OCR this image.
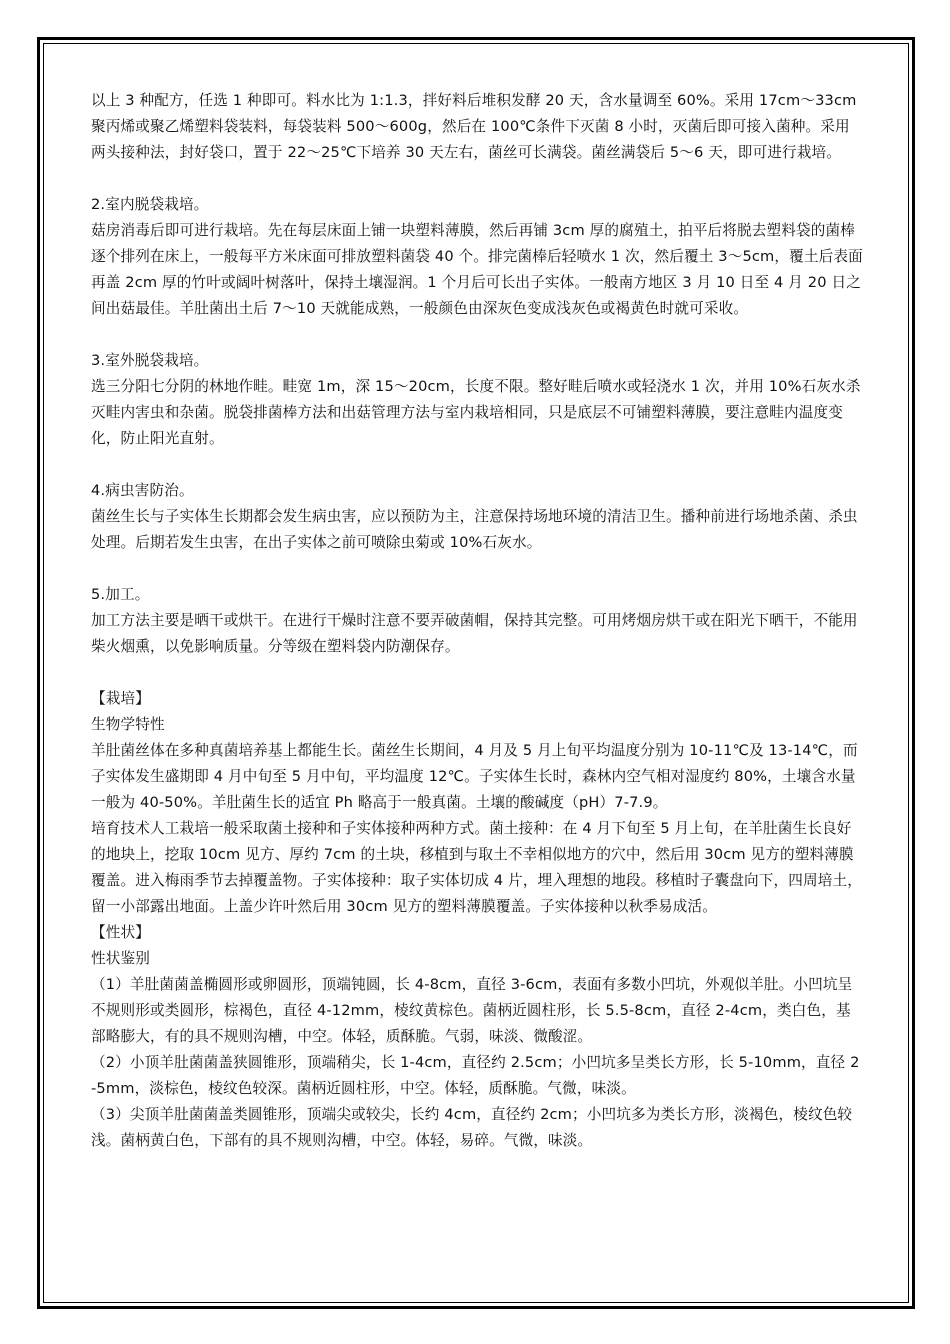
以上 3 种配方，任选 1 种即可。料水比为 1:1.3，拌好料后堆积发酵 20 天，含水量调至 60%。采用 17cm～33cm 聚丙烯或聚乙烯塑料袋装料，每袋装料 500～600g，然后在 100℃条件下灭菌 8 小时，灭菌后即可接入菌种。采用两头接种法，封好袋口，置于 22～25℃下培养 30 天左右，菌丝可长满袋。菌丝满袋后 5～6 天，即可进行栽培。

2.室内脱袋栽培。

菇房消毒后即可进行栽培。先在每层床面上铺一块塑料薄膜，然后再铺 3cm 厚的腐殖土，拍平后将脱去塑料袋的菌棒逐个排列在床上，一般每平方米床面可排放塑料菌袋 40 个。排完菌棒后轻喷水 1 次，然后覆土 3～5cm，覆土后表面再盖 2cm 厚的竹叶或阔叶树落叶，保持土壤湿润。1 个月后可长出子实体。一般南方地区 3 月 10 日至 4 月 20 日之间出菇最佳。羊肚菌出土后 7～10 天就能成熟，一般颜色由深灰色变成浅灰色或褐黄色时就可采收。

3.室外脱袋栽培。

选三分阳七分阴的林地作畦。畦宽 1m，深 15～20cm，长度不限。整好畦后喷水或轻浇水 1 次，并用 10%石灰水杀灭畦内害虫和杂菌。脱袋排菌棒方法和出菇管理方法与室内栽培相同，只是底层不可铺塑料薄膜，要注意畦内温度变化，防止阳光直射。

4.病虫害防治。

菌丝生长与子实体生长期都会发生病虫害，应以预防为主，注意保持场地环境的清洁卫生。播种前进行场地杀菌、杀虫处理。后期若发生虫害，在出子实体之前可喷除虫菊或 10%石灰水。

5.加工。

加工方法主要是晒干或烘干。在进行干燥时注意不要弄破菌帽，保持其完整。可用烤烟房烘干或在阳光下晒干，不能用柴火烟熏，以免影响质量。分等级在塑料袋内防潮保存。

【栽培】

生物学特性

羊肚菌丝体在多种真菌培养基上都能生长。菌丝生长期间，4 月及 5 月上旬平均温度分别为 10-11℃及 13-14℃，而子实体发生盛期即 4 月中旬至 5 月中旬，平均温度 12℃。子实体生长时，森林内空气相对湿度约 80%，土壤含水量一般为 40-50%。羊肚菌生长的适宜 Ph 略高于一般真菌。土壤的酸碱度（pH）7-7.9。

培育技术人工栽培一般采取菌土接种和子实体接种两种方式。菌土接种：在 4 月下旬至 5 月上旬，在羊肚菌生长良好的地块上，挖取 10cm 见方、厚约 7cm 的土块，移植到与取土不幸相似地方的穴中，然后用 30cm 见方的塑料薄膜覆盖。进入梅雨季节去掉覆盖物。子实体接种：取子实体切成 4 片，埋入理想的地段。移植时子囊盘向下，四周培土，留一小部露出地面。上盖少许叶然后用 30cm 见方的塑料薄膜覆盖。子实体接种以秋季易成活。

【性状】

性状鉴别

（1）羊肚菌菌盖椭圆形或卵圆形，顶端钝圆，长 4-8cm，直径 3-6cm，表面有多数小凹坑，外观似羊肚。小凹坑呈不规则形或类圆形，棕褐色，直径 4-12mm，棱纹黄棕色。菌柄近圆柱形，长 5.5-8cm，直径 2-4cm，类白色，基部略膨大，有的具不规则沟槽，中空。体轻，质酥脆。气弱，味淡、微酸涩。

（2）小顶羊肚菌菌盖狭圆锥形，顶端稍尖，长 1-4cm，直径约 2.5cm；小凹坑多呈类长方形，长 5-10mm，直径 2-5mm，淡棕色，棱纹色较深。菌柄近圆柱形，中空。体轻，质酥脆。气微，味淡。

（3）尖顶羊肚菌菌盖类圆锥形，顶端尖或较尖，长约 4cm，直径约 2cm；小凹坑多为类长方形，淡褐色，棱纹色较浅。菌柄黄白色，下部有的具不规则沟槽，中空。体轻，易碎。气微，味淡。
